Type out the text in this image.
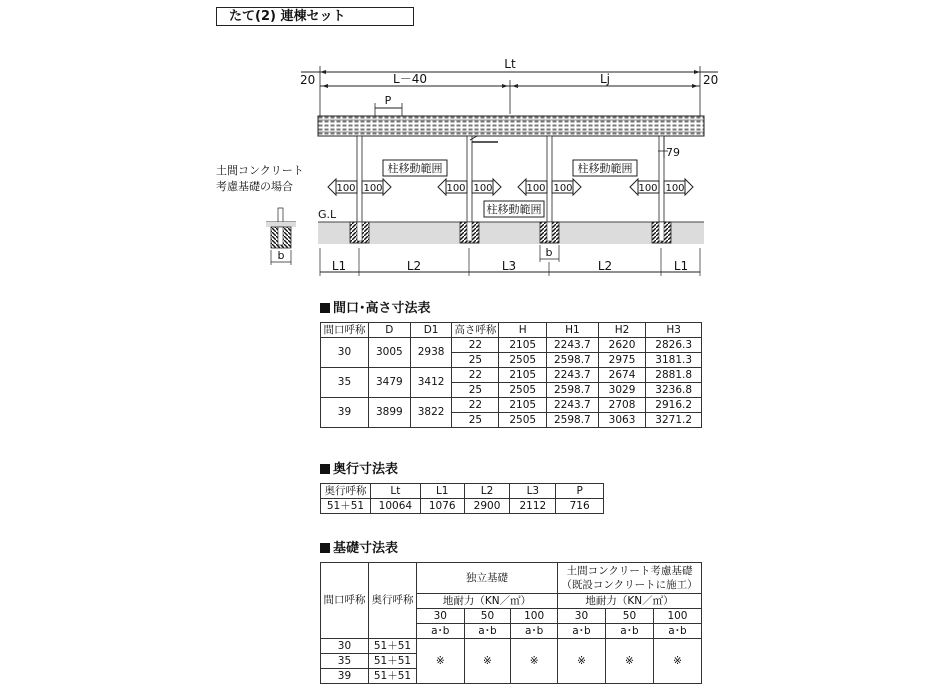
たて(2) 連棟セット
Lt
20	20
L－40	Lj
P
79
柱移動範囲
柱移動範囲
柱移動範囲
100 100	100 100	100 100	100 100
G.L
b
L1	L2	L3	L2	L1
土間コンクリート
考慮基礎の場合
b
間口･高さ寸法表
間口呼称	D	D1	高さ呼称	H	H1	H2	H3
30	3005	2938	22	2105	2243.7	2620	2826.3
			25	2505	2598.7	2975	3181.3
35	3479	3412	22	2105	2243.7	2674	2881.8
			25	2505	2598.7	3029	3236.8
39	3899	3822	22	2105	2243.7	2708	2916.2
			25	2505	2598.7	3063	3271.2
奥行寸法表
奥行呼称	Lt	L1	L2	L3	P
51＋51	10064	1076	2900	2112	716
基礎寸法表
間口呼称	奥行呼称	独立基礎			土間コンクリート考慮基礎
（既設コンクリートに施工）		
		地耐力（KN／㎡）			地耐力（KN／㎡）		
		30	50	100	30	50	100
		a･b	a･b	a･b	a･b	a･b	a･b
30	51＋51	※	※	※	※	※	※
35	51＋51						
39	51＋51						
